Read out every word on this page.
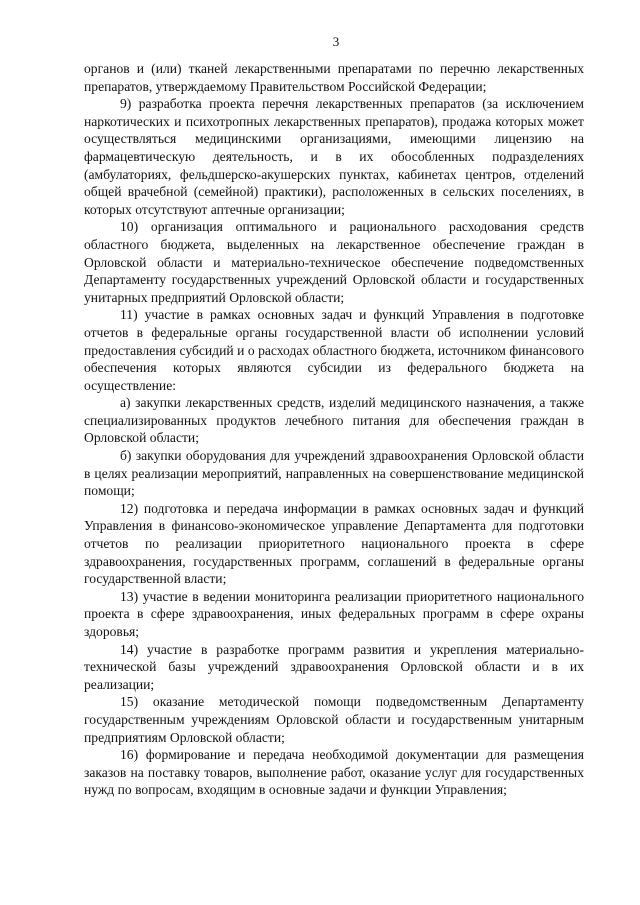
3

органов и (или) тканей лекарственными препаратами по перечню лекарственных препаратов, утверждаемому Правительством Российской Федерации;

9) разработка проекта перечня лекарственных препаратов (за исключением наркотических и психотропных лекарственных препаратов), продажа которых может осуществляться медицинскими организациями, имеющими лицензию на фармацевтическую деятельность, и в их обособленных подразделениях (амбулаториях, фельдшерско-акушерских пунктах, кабинетах центров, отделений общей врачебной (семейной) практики), расположенных в сельских поселениях, в которых отсутствуют аптечные организации;

10) организация оптимального и рационального расходования средств областного бюджета, выделенных на лекарственное обеспечение граждан в Орловской области и материально-техническое обеспечение подведомственных Департаменту государственных учреждений Орловской области и государственных унитарных предприятий Орловской области;

11) участие в рамках основных задач и функций Управления в подготовке отчетов в федеральные органы государственной власти об исполнении условий предоставления субсидий и о расходах областного бюджета, источником финансового обеспечения которых являются субсидии из федерального бюджета на осуществление:

а) закупки лекарственных средств, изделий медицинского назначения, а также специализированных продуктов лечебного питания для обеспечения граждан в Орловской области;

б) закупки оборудования для учреждений здравоохранения Орловской области в целях реализации мероприятий, направленных на совершенствование медицинской помощи;

12) подготовка и передача информации в рамках основных задач и функций Управления в финансово-экономическое управление Департамента для подготовки отчетов по реализации приоритетного национального проекта в сфере здравоохранения, государственных программ, соглашений в федеральные органы государственной власти;

13) участие в ведении мониторинга реализации приоритетного национального проекта в сфере здравоохранения, иных федеральных программ в сфере охраны здоровья;

14) участие в разработке программ развития и укрепления материально-технической базы учреждений здравоохранения Орловской области и в их реализации;

15) оказание методической помощи подведомственным Департаменту государственным учреждениям Орловской области и государственным унитарным предприятиям Орловской области;

16) формирование и передача необходимой документации для размещения заказов на поставку товаров, выполнение работ, оказание услуг для государственных нужд по вопросам, входящим в основные задачи и функции Управления;
